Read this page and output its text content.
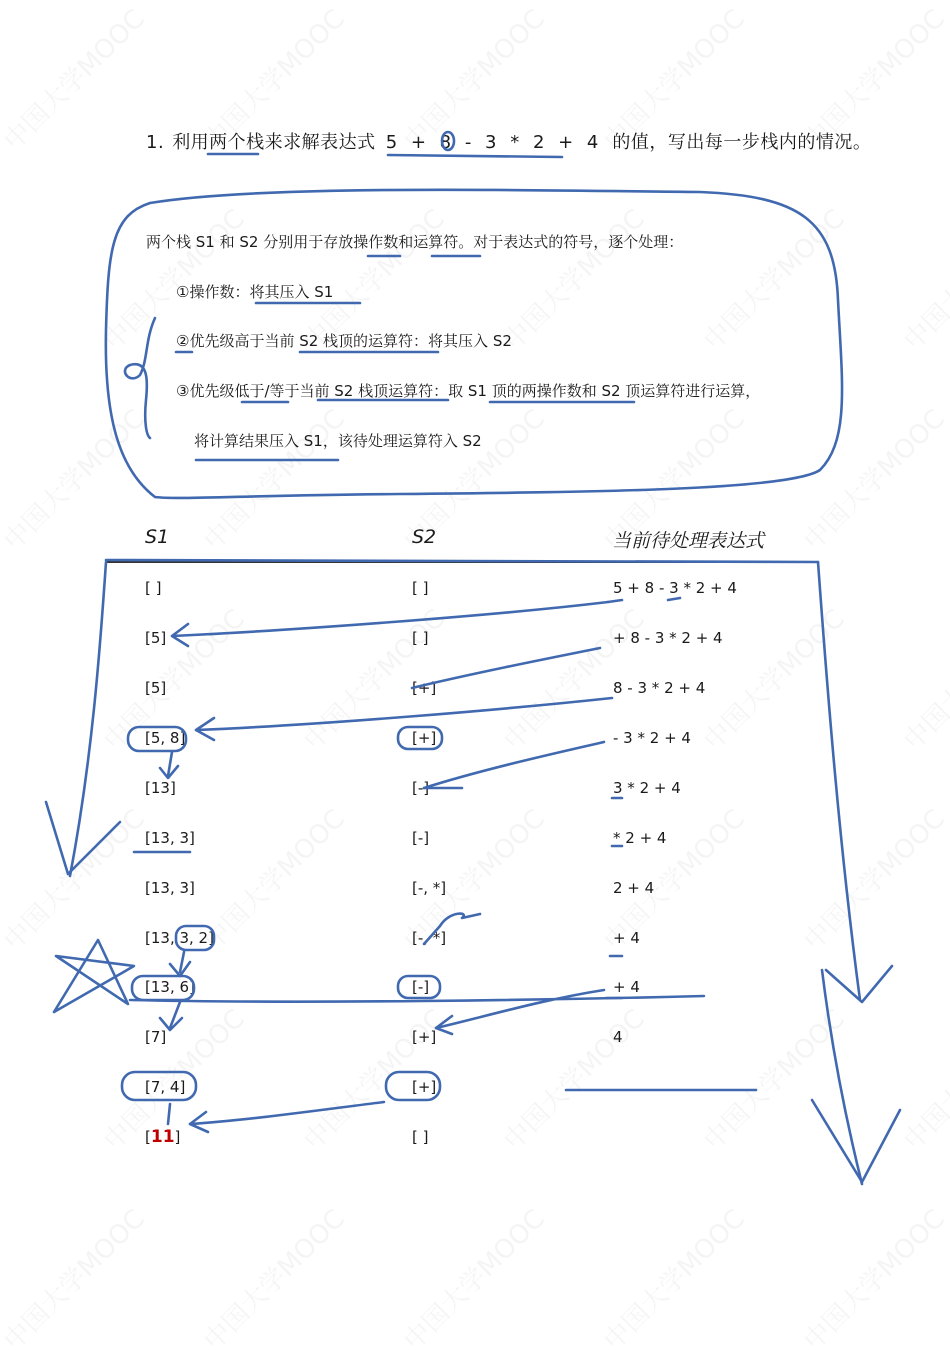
1. 利用两个栈来求解表达式 5 + 8 - 3 * 2 + 4 的值，写出每一步栈内的情况。
两个栈 S1 和 S2 分别用于存放操作数和运算符。对于表达式的符号，逐个处理：
①操作数：将其压入 S1
②优先级高于当前 S2 栈顶的运算符：将其压入 S2
③优先级低于/等于当前 S2 栈顶运算符：取 S1 顶的两操作数和 S2 顶运算符进行运算，
将计算结果压入 S1，该待处理运算符入 S2
S1	S2	当前待处理表达式
[ ]	[ ]	5 + 8 - 3 * 2 + 4
[5]	[ ]	+ 8 - 3 * 2 + 4
[5]	[+]	8 - 3 * 2 + 4
[5, 8]	[+]	- 3 * 2 + 4
[13]	[-]	3 * 2 + 4
[13, 3]	[-]	* 2 + 4
[13, 3]	[-, *]	2 + 4
[13, 3, 2]	[-, *]	+ 4
[13, 6]	[-]	+ 4
[7]	[+]	4
[7, 4]	[+]
[11]	[ ]
